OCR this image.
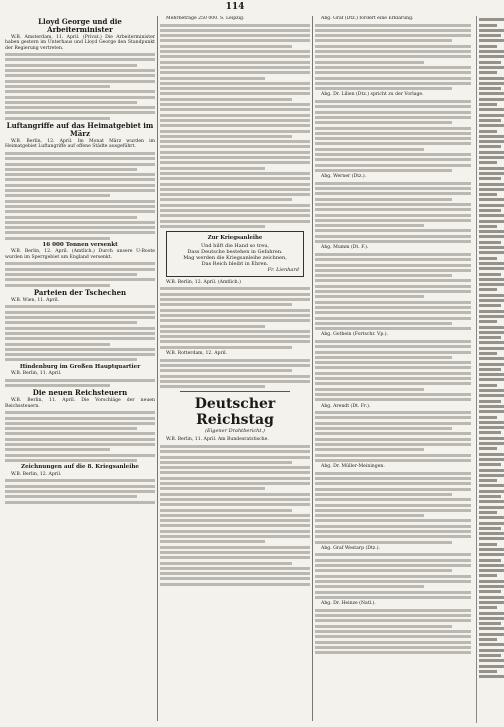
114
Lloyd George und die Arbeiterminister

W.B. Amsterdam, 11. April. (Privat.) Die Arbeiterminister haben gestern im Unterhaus und Lloyd George den Standpunkt der Regierung vertreten.

Luftangriffe auf das Heimatgebiet im März

W.B. Berlin, 12. April. Im Monat März wurden im Heimatgebiet Luftangriffe auf offene Städte ausgeführt.

16 000 Tonnen versenkt

W.B. Berlin, 12. April. (Amtlich.) Durch unsere U-Boote wurden im Sperrgebiet um England versenkt.

Parteien der Tschechen

W.B. Wien, 11. April.

Hindenburg im Großen Hauptquartier

W.B. Berlin, 11. April.

Die neuen Reichsteuern

W.B. Berlin, 11. April. Die Vorschläge der neuen Reichssteuern.

Zeichnungen auf die 8. Kriegsanleihe

W.B. Berlin, 12. April.

Mehrbeträge 250 000. S. Leipzig.

Zur Kriegsanleihe
Und hilft die Hand so treu,
Dass Deutsche bestehen in Gefahren.
Mag werden die Kriegsanleihe zeichnen,
Das Reich bleibt in Ehren.
Fr. Lienhard

W.B. Berlin, 12. April. (Amtlich.)

W.B. Rotterdam, 12. April.

Deutscher Reichstag
(Eigener Drahtbericht.)

W.B. Berlin, 11. April. Am Bundesratstische.

Abg. Graf (Dtz.) fordert eine Erklärung.

Abg. Dr. Lilien (Dtz.) spricht zu der Vorlage.

Abg. Werner (Dtz.).

Abg. Mumm (Dt. F.).

Abg. Gothein (Fortschr. Vp.).

Abg. Arendt (Dt. Fr.).

Abg. Dr. Müller-Meiningen.

Abg. Graf Westarp (Dtz.).

Abg. Dr. Heinze (Natl.).
